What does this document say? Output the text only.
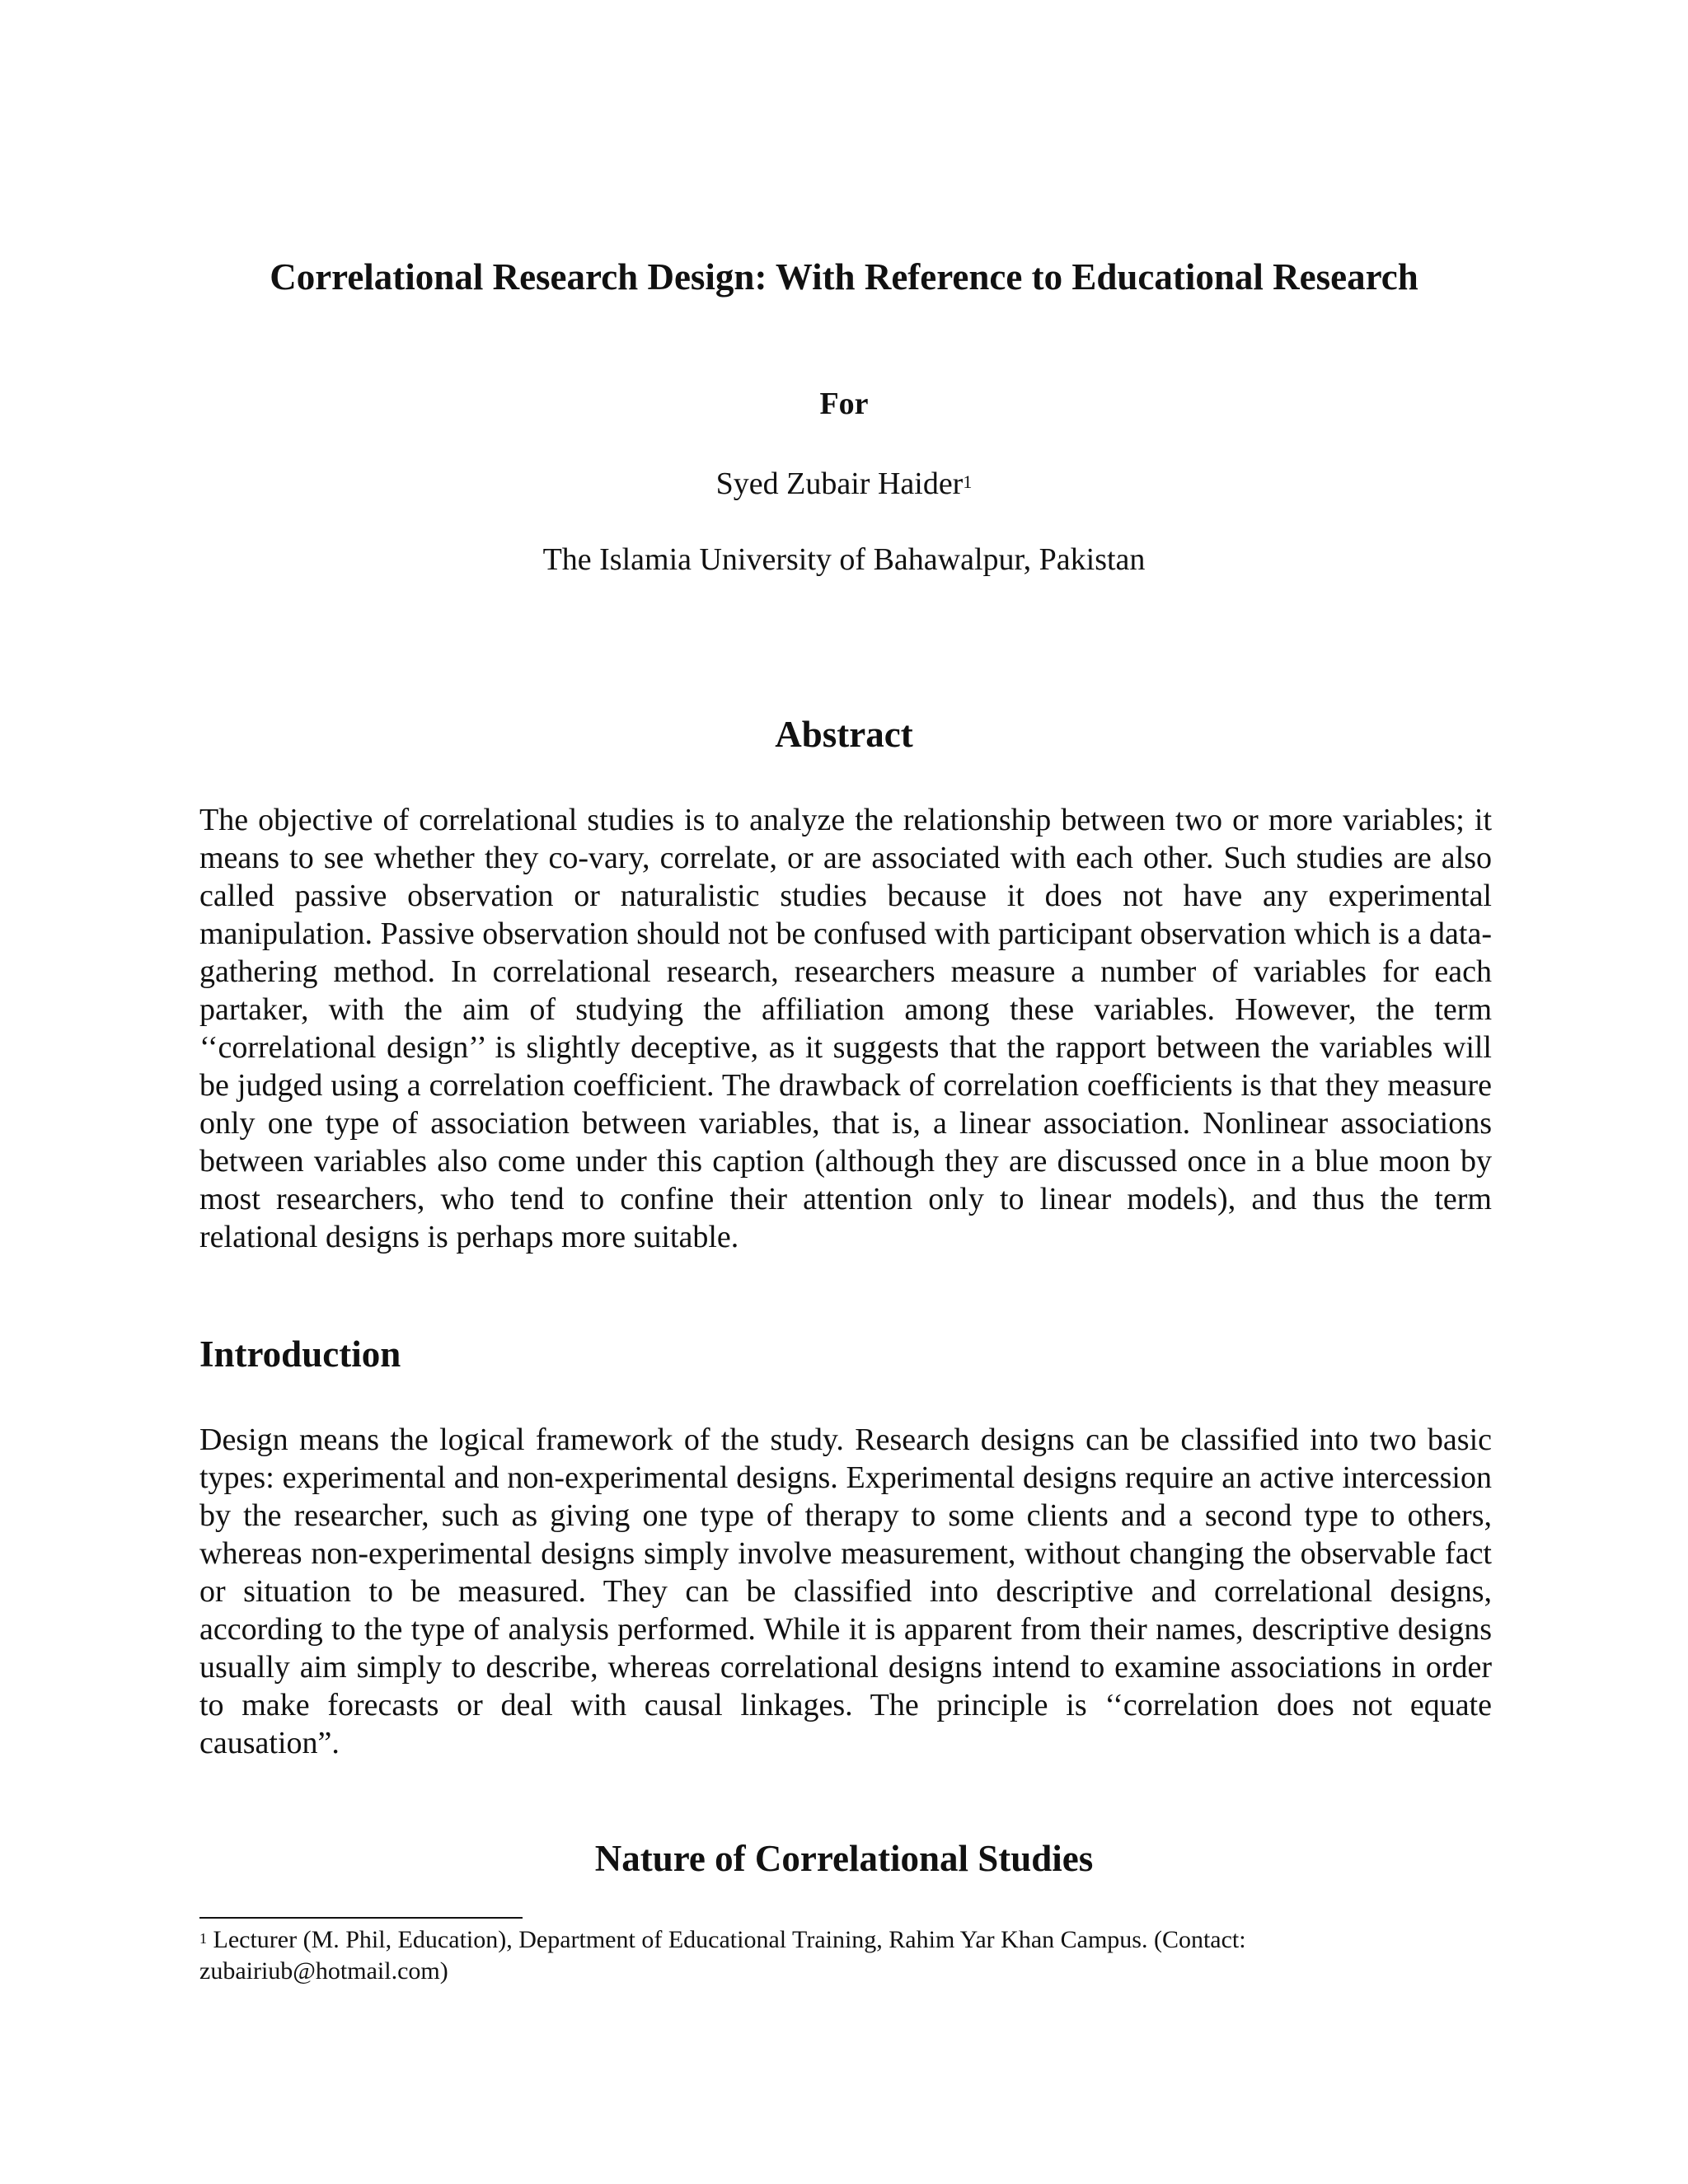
Correlational Research Design: With Reference to Educational Research
For
Syed Zubair Haider$^1$
The Islamia University of Bahawalpur, Pakistan
Abstract
The objective of correlational studies is to analyze the relationship between two or more variables; it means to see whether they co-vary, correlate, or are associated with each other. Such studies are also called passive observation or naturalistic studies because it does not have any experimental manipulation. Passive observation should not be confused with participant observation which is a data-gathering method. In correlational research, researchers measure a number of variables for each partaker, with the aim of studying the affiliation among these variables. However, the term ‘‘correlational design’’ is slightly deceptive, as it suggests that the rapport between the variables will be judged using a correlation coefficient. The drawback of correlation coefficients is that they measure only one type of association between variables, that is, a linear association. Nonlinear associations between variables also come under this caption (although they are discussed once in a blue moon by most researchers, who tend to confine their attention only to linear models), and thus the term relational designs is perhaps more suitable.
Introduction
Design means the logical framework of the study. Research designs can be classified into two basic types: experimental and non-experimental designs. Experimental designs require an active intercession by the researcher, such as giving one type of therapy to some clients and a second type to others, whereas non-experimental designs simply involve measurement, without changing the observable fact or situation to be measured. They can be classified into descriptive and correlational designs, according to the type of analysis performed. While it is apparent from their names, descriptive designs usually aim simply to describe, whereas correlational designs intend to examine associations in order to make forecasts or deal with causal linkages. The principle is ‘‘correlation does not equate causation”.
Nature of Correlational Studies
$^1$ Lecturer (M. Phil, Education), Department of Educational Training, Rahim Yar Khan Campus. (Contact: zubairiub@hotmail.com)
